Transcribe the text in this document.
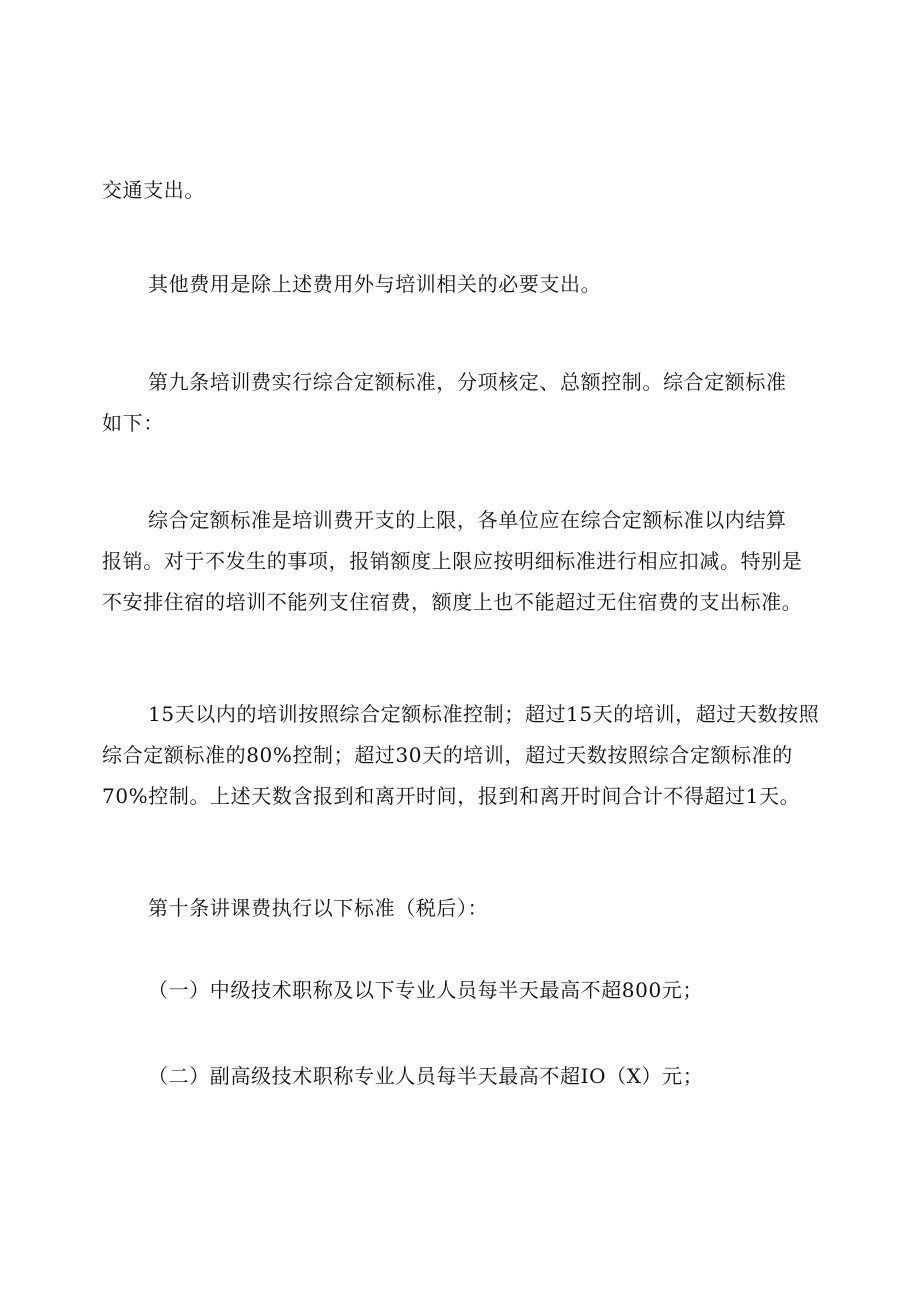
交通支出。

其他费用是除上述费用外与培训相关的必要支出。

第九条培训费实行综合定额标准，分项核定、总额控制。综合定额标准
如下：

综合定额标准是培训费开支的上限，各单位应在综合定额标准以内结算
报销。对于不发生的事项，报销额度上限应按明细标准进行相应扣减。特别是
不安排住宿的培训不能列支住宿费，额度上也不能超过无住宿费的支出标准。

15天以内的培训按照综合定额标准控制；超过15天的培训，超过天数按照
综合定额标准的80%控制；超过30天的培训，超过天数按照综合定额标准的
70%控制。上述天数含报到和离开时间，报到和离开时间合计不得超过1天。

第十条讲课费执行以下标准（税后）：

（一）中级技术职称及以下专业人员每半天最高不超800元；

（二）副高级技术职称专业人员每半天最高不超IO（X）元；
